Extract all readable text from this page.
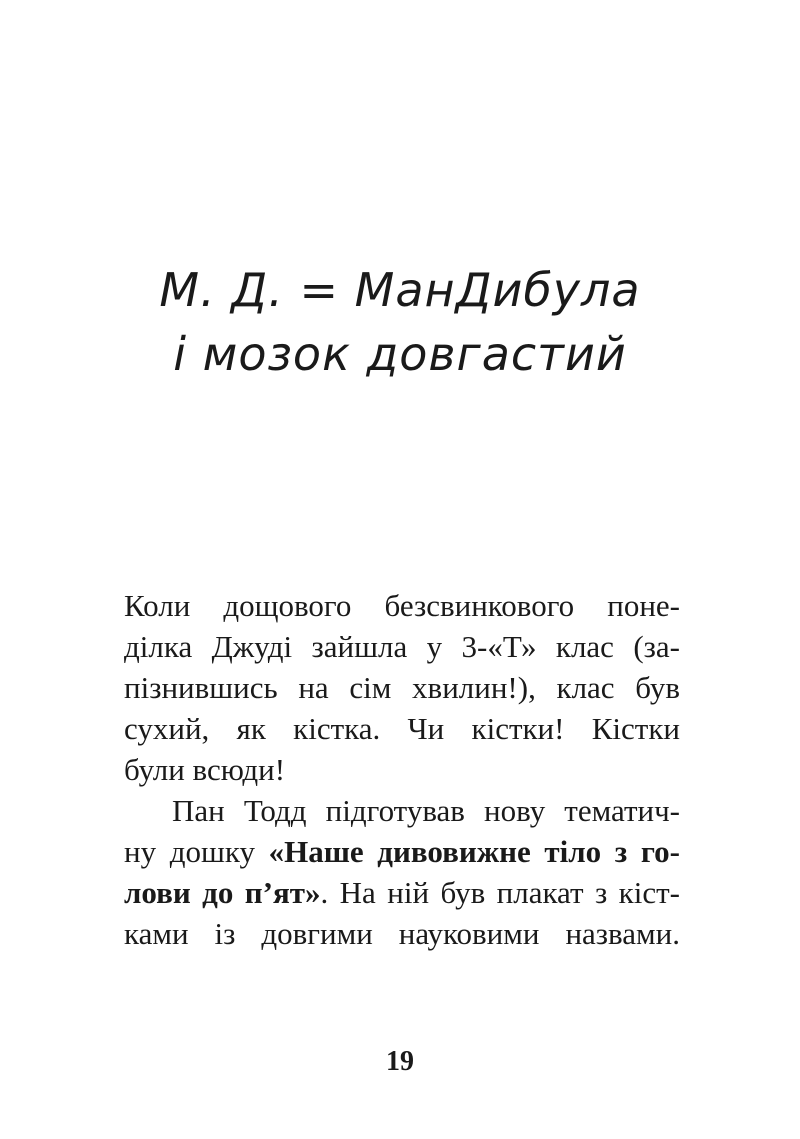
М. Д. = МанДибула
і мозок довгастий
Коли дощового безсвинкового поне-
ділка Джуді зайшла у 3-«Т» клас (за-
пізнившись на сім хвилин!), клас був
сухий, як кістка. Чи кістки! Кістки
були всюди!
Пан Тодд підготував нову тематич-
ну дошку «Наше дивовижне тіло з го-
лови до п’ят». На ній був плакат з кіст-
ками із довгими науковими назвами.
19
